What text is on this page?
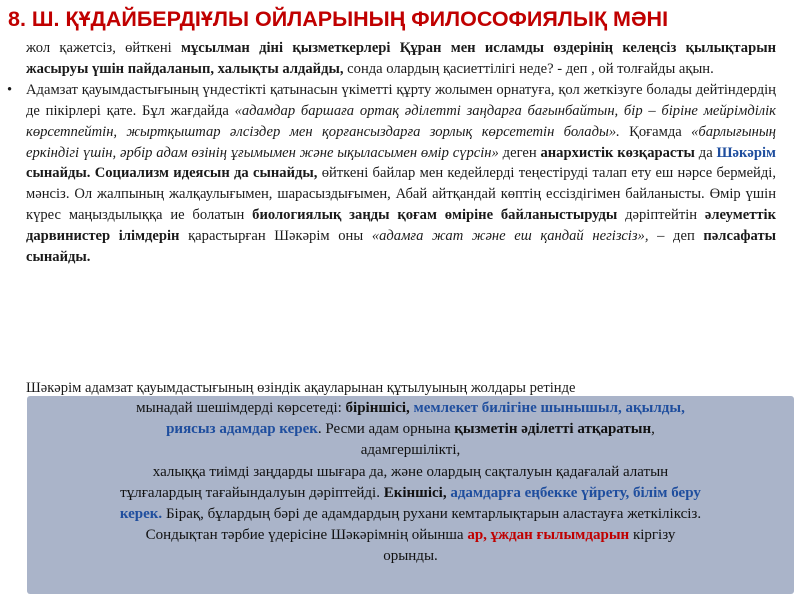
8. Ш. ҚҰДАЙБЕРДІҰЛЫ ОЙЛАРЫНЫҢ ФИЛОСОФИЯЛЫҚ МӘНІ

жол қажетсіз, өйткені мұсылман діні қызметкерлері Құран мен исламды өздерінің келеңсіз қылықтарын жасыруы үшін пайдаланып, халықты алдайды, сонда олардың қасиеттілігі неде? - деп , ой толғайды ақын.

• Адамзат қауымдастығының үндестікті қатынасын үкіметті құрту жолымен орнатуға, қол жеткізуге болады дейтіндердің де пікірлері қате. Бұл жағдайда «адамдар баршаға ортақ әділетті заңдарға бағынбайтын, бір – біріне мейрімділік көрсетпейтін, жыртқыштар әлсіздер мен қорғансыздарға зорлық көрсететін болады». Қоғамда «барлығының еркіндігі үшін, әрбір адам өзінің ұғымымен және ықыласымен өмір сүрсін» деген анархистік көзқарасты да Шәкәрім сынайды. Социализм идеясын да сынайды, өйткені байлар мен кедейлерді теңестіруді талап ету еш нәрсе бермейді, мәнсіз. Ол жалпының жалқаулығымен, шарасыздығымен, Абай айтқандай көптің ессіздігімен байланысты. Өмір үшін күрес маңыздылыққа ие болатын биологиялық заңды қоғам өміріне байланыстыруды дәріптейтін әлеуметтік дарвинистер ілімдерін қарастырған Шәкәрім оны «адамға жат және еш қандай негізсіз», – деп пәлсафаты сынайды.

Шәкәрім адамзат қауымдастығының өзіндік ақауларынан құтылуының жолдары ретінде

мынадай шешімдерді көрсетеді: біріншісі, мемлекет билігіне шынышыл, ақылды,

риясыз адамдар керек. Ресми адам орнына қызметін әділетті атқаратын,

адамгершілікті,

халыққа тиімді заңдарды шығара да, және олардың сақталуын қадағалай алатын

тұлғалардың тағайындалуын дәріптейді. Екіншісі, адамдарға еңбекке үйрету, білім беру

керек. Бірақ, бұлардың бәрі де адамдардың рухани кемтарлықтарын аластауға жеткіліксіз.

Сондықтан тәрбие үдерісіне Шәкәрімнің ойынша ар, ұждан ғылымдарын кіргізу

орынды.
